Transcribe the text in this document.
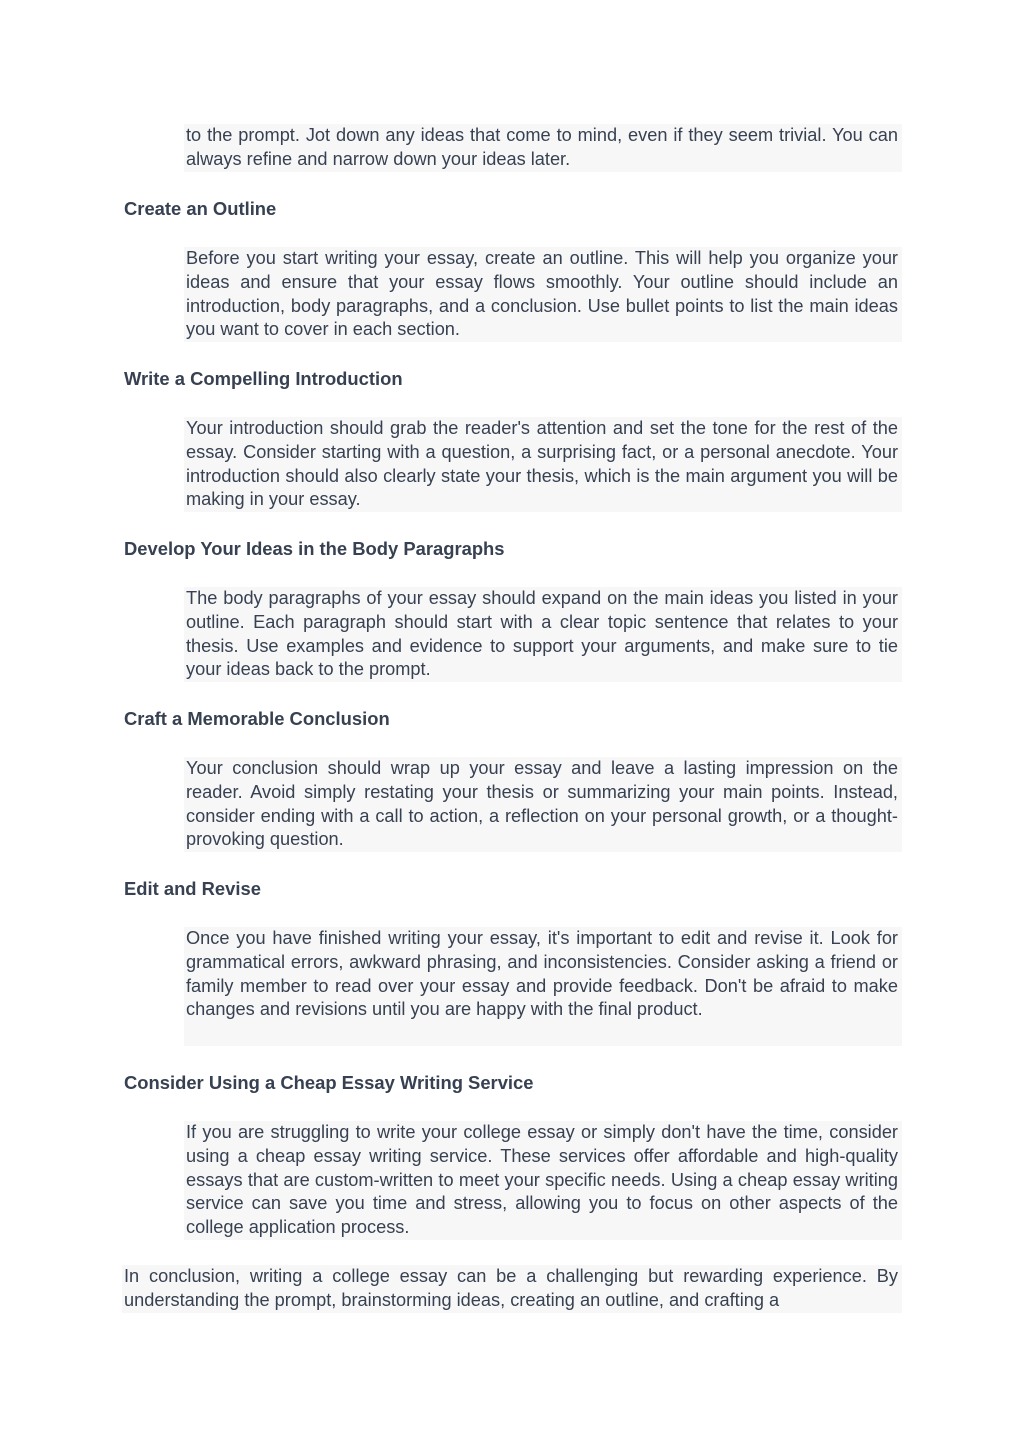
to the prompt. Jot down any ideas that come to mind, even if they seem trivial. You can always refine and narrow down your ideas later.
Create an Outline
Before you start writing your essay, create an outline. This will help you organize your ideas and ensure that your essay flows smoothly. Your outline should include an introduction, body paragraphs, and a conclusion. Use bullet points to list the main ideas you want to cover in each section.
Write a Compelling Introduction
Your introduction should grab the reader's attention and set the tone for the rest of the essay. Consider starting with a question, a surprising fact, or a personal anecdote. Your introduction should also clearly state your thesis, which is the main argument you will be making in your essay.
Develop Your Ideas in the Body Paragraphs
The body paragraphs of your essay should expand on the main ideas you listed in your outline. Each paragraph should start with a clear topic sentence that relates to your thesis. Use examples and evidence to support your arguments, and make sure to tie your ideas back to the prompt.
Craft a Memorable Conclusion
Your conclusion should wrap up your essay and leave a lasting impression on the reader. Avoid simply restating your thesis or summarizing your main points. Instead, consider ending with a call to action, a reflection on your personal growth, or a thought-provoking question.
Edit and Revise
Once you have finished writing your essay, it's important to edit and revise it. Look for grammatical errors, awkward phrasing, and inconsistencies. Consider asking a friend or family member to read over your essay and provide feedback. Don't be afraid to make changes and revisions until you are happy with the final product.
Consider Using a Cheap Essay Writing Service
If you are struggling to write your college essay or simply don't have the time, consider using a cheap essay writing service. These services offer affordable and high-quality essays that are custom-written to meet your specific needs. Using a cheap essay writing service can save you time and stress, allowing you to focus on other aspects of the college application process.
In conclusion, writing a college essay can be a challenging but rewarding experience. By understanding the prompt, brainstorming ideas, creating an outline, and crafting a
